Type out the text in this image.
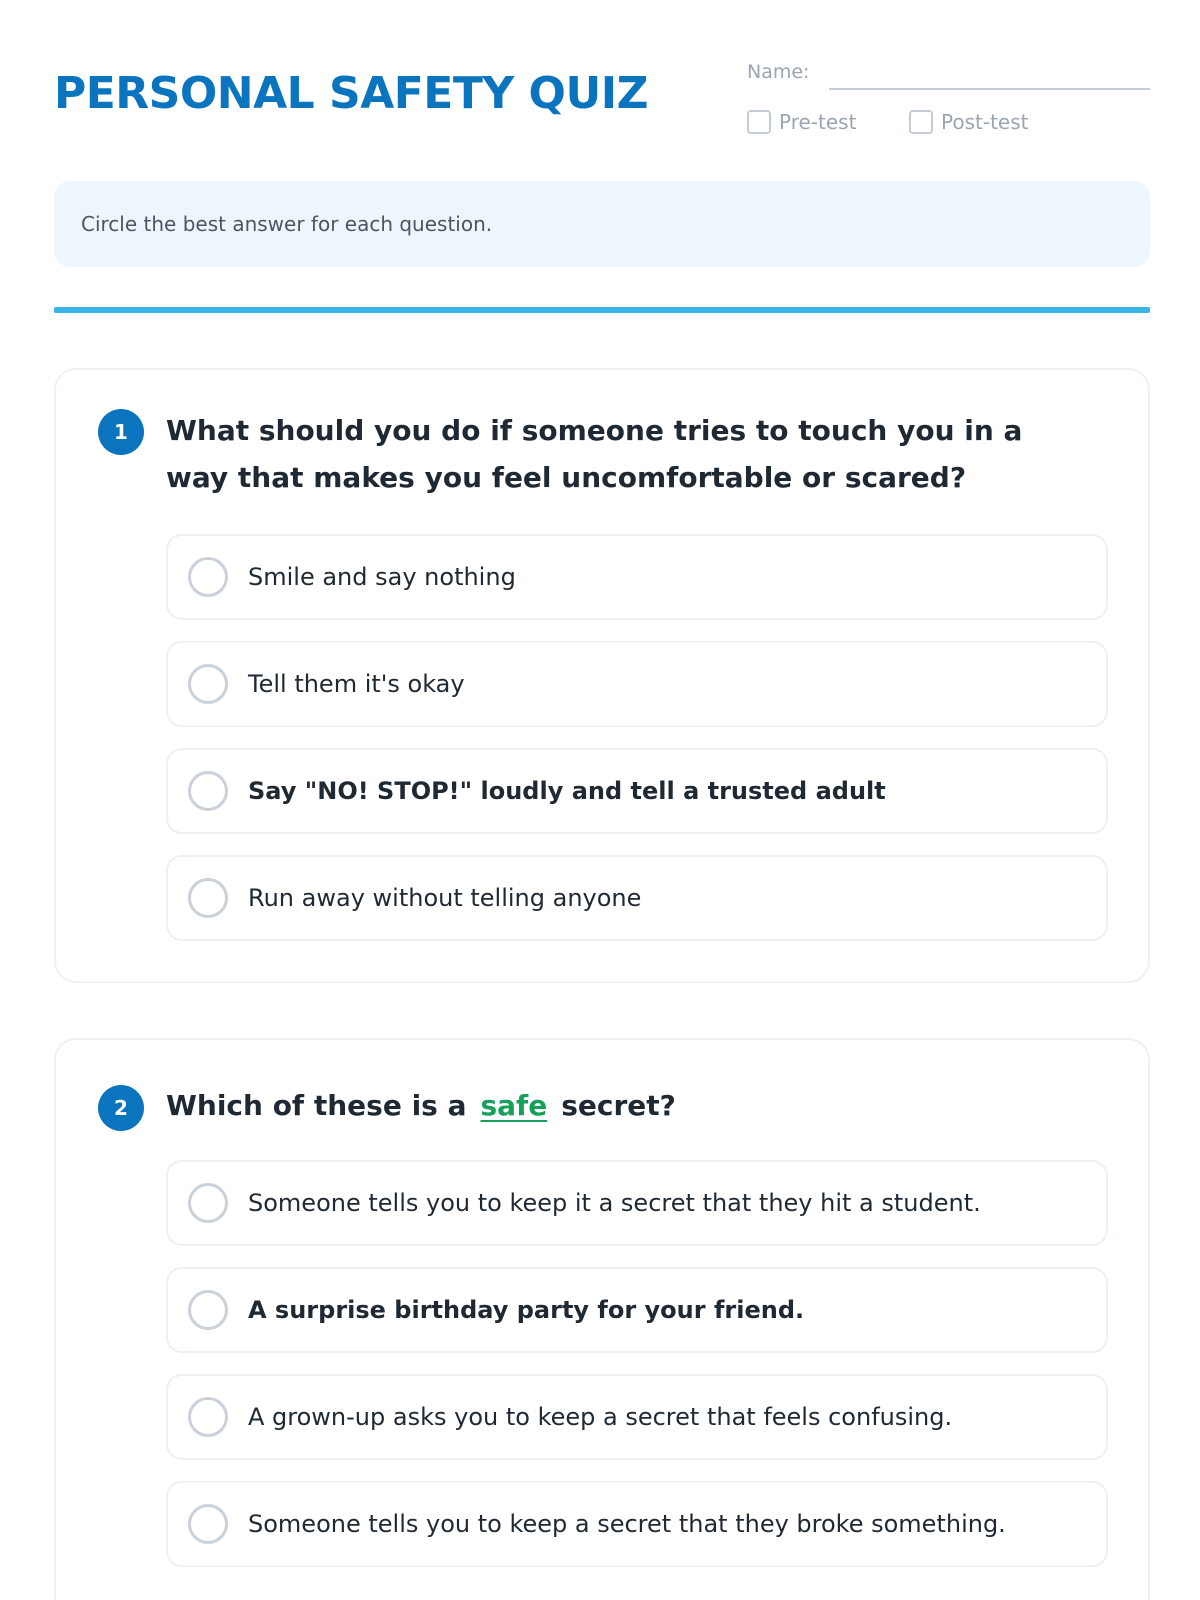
PERSONAL SAFETY QUIZ	Name:
Pre-test	Post-test
Circle the best answer for each question.
1	What should you do if someone tries to touch you in a way that makes you feel uncomfortable or scared?
Smile and say nothing
Tell them it's okay
Say "NO! STOP!" loudly and tell a trusted adult
Run away without telling anyone
2	Which of these is a safe secret?
Someone tells you to keep it a secret that they hit a student.
A surprise birthday party for your friend.
A grown-up asks you to keep a secret that feels confusing.
Someone tells you to keep a secret that they broke something.
